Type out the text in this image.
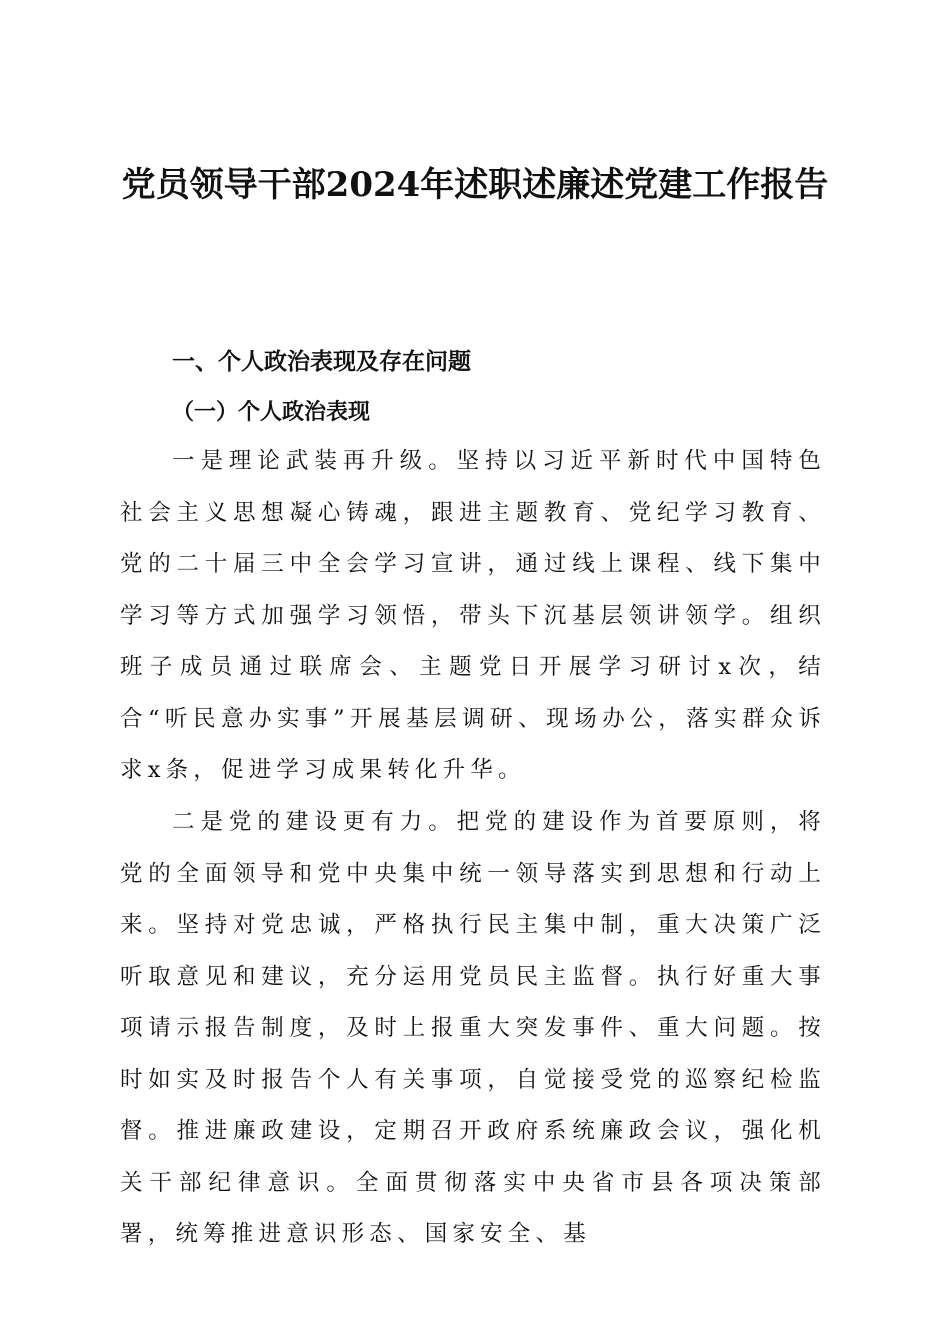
党员领导干部2024年述职述廉述党建工作报告
一、个人政治表现及存在问题
（一）个人政治表现

一是理论武装再升级。坚持以习近平新时代中国特色社会主义思想凝心铸魂，跟进主题教育、党纪学习教育、党的二十届三中全会学习宣讲，通过线上课程、线下集中学习等方式加强学习领悟，带头下沉基层领讲领学。组织班子成员通过联席会、主题党日开展学习研讨x次，结合“听民意办实事”开展基层调研、现场办公，落实群众诉求x条，促进学习成果转化升华。

二是党的建设更有力。把党的建设作为首要原则，将党的全面领导和党中央集中统一领导落实到思想和行动上来。坚持对党忠诚，严格执行民主集中制，重大决策广泛听取意见和建议，充分运用党员民主监督。执行好重大事项请示报告制度，及时上报重大突发事件、重大问题。按时如实及时报告个人有关事项，自觉接受党的巡察纪检监督。推进廉政建设，定期召开政府系统廉政会议，强化机关干部纪律意识。全面贯彻落实中央省市县各项决策部署，统筹推进意识形态、国家安全、基
